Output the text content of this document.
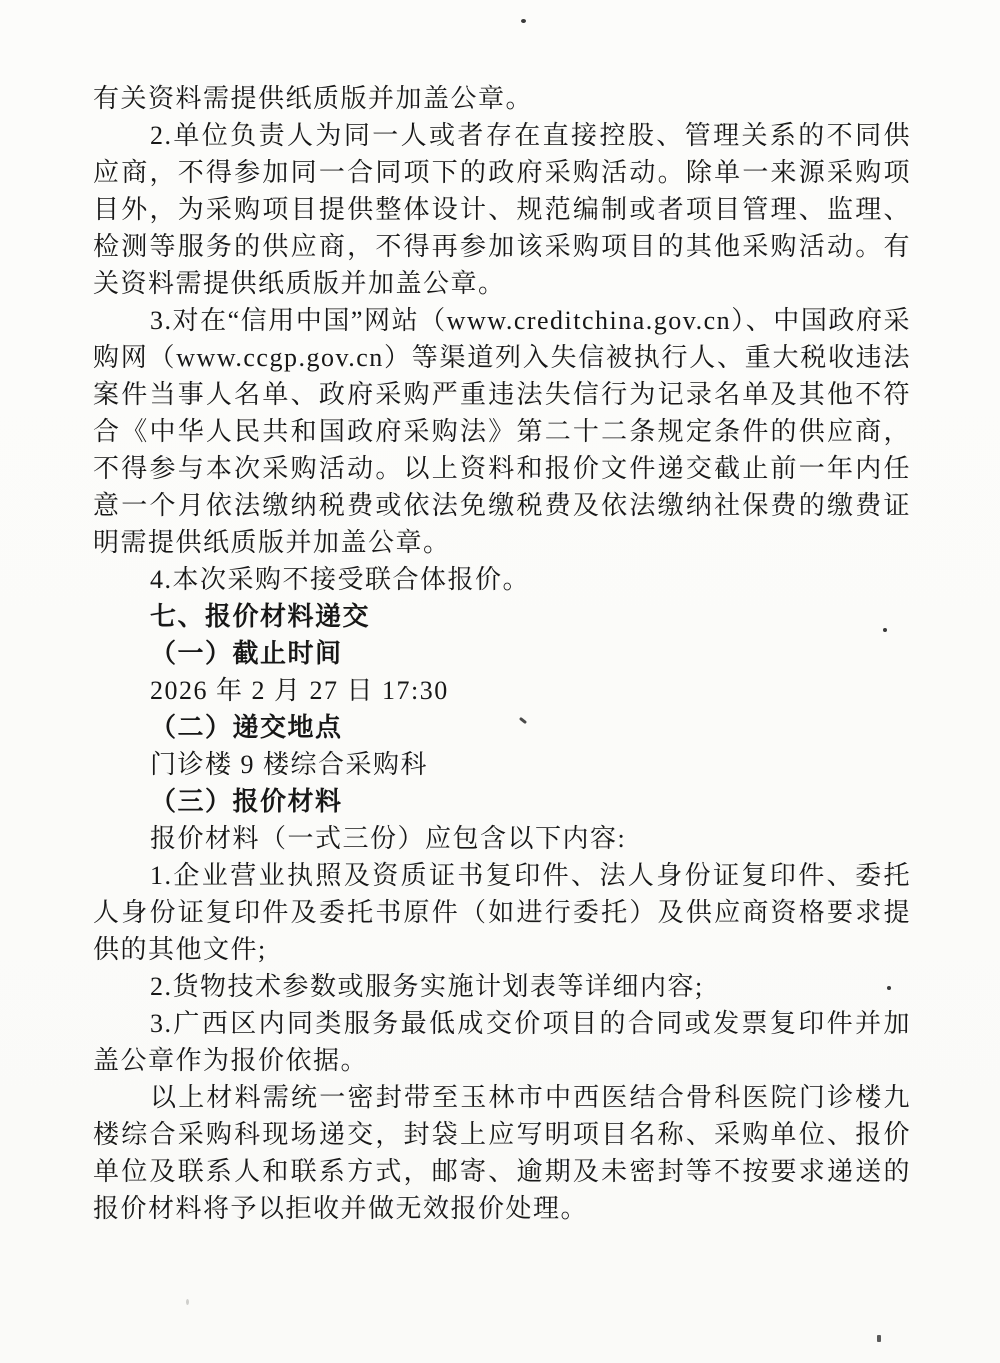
有关资料需提供纸质版并加盖公章。

2.单位负责人为同一人或者存在直接控股、管理关系的不同供应商，不得参加同一合同项下的政府采购活动。除单一来源采购项目外，为采购项目提供整体设计、规范编制或者项目管理、监理、检测等服务的供应商，不得再参加该采购项目的其他采购活动。有关资料需提供纸质版并加盖公章。

3.对在“信用中国”网站（www.creditchina.gov.cn）、中国政府采购网（www.ccgp.gov.cn）等渠道列入失信被执行人、重大税收违法案件当事人名单、政府采购严重违法失信行为记录名单及其他不符合《中华人民共和国政府采购法》第二十二条规定条件的供应商，不得参与本次采购活动。以上资料和报价文件递交截止前一年内任意一个月依法缴纳税费或依法免缴税费及依法缴纳社保费的缴费证明需提供纸质版并加盖公章。

4.本次采购不接受联合体报价。

七、报价材料递交

（一）截止时间

2026 年 2 月 27 日 17:30

（二）递交地点

门诊楼 9 楼综合采购科

（三）报价材料

报价材料（一式三份）应包含以下内容:

1.企业营业执照及资质证书复印件、法人身份证复印件、委托人身份证复印件及委托书原件（如进行委托）及供应商资格要求提供的其他文件;

2.货物技术参数或服务实施计划表等详细内容;

3.广西区内同类服务最低成交价项目的合同或发票复印件并加盖公章作为报价依据。

以上材料需统一密封带至玉林市中西医结合骨科医院门诊楼九楼综合采购科现场递交，封袋上应写明项目名称、采购单位、报价单位及联系人和联系方式，邮寄、逾期及未密封等不按要求递送的报价材料将予以拒收并做无效报价处理。
